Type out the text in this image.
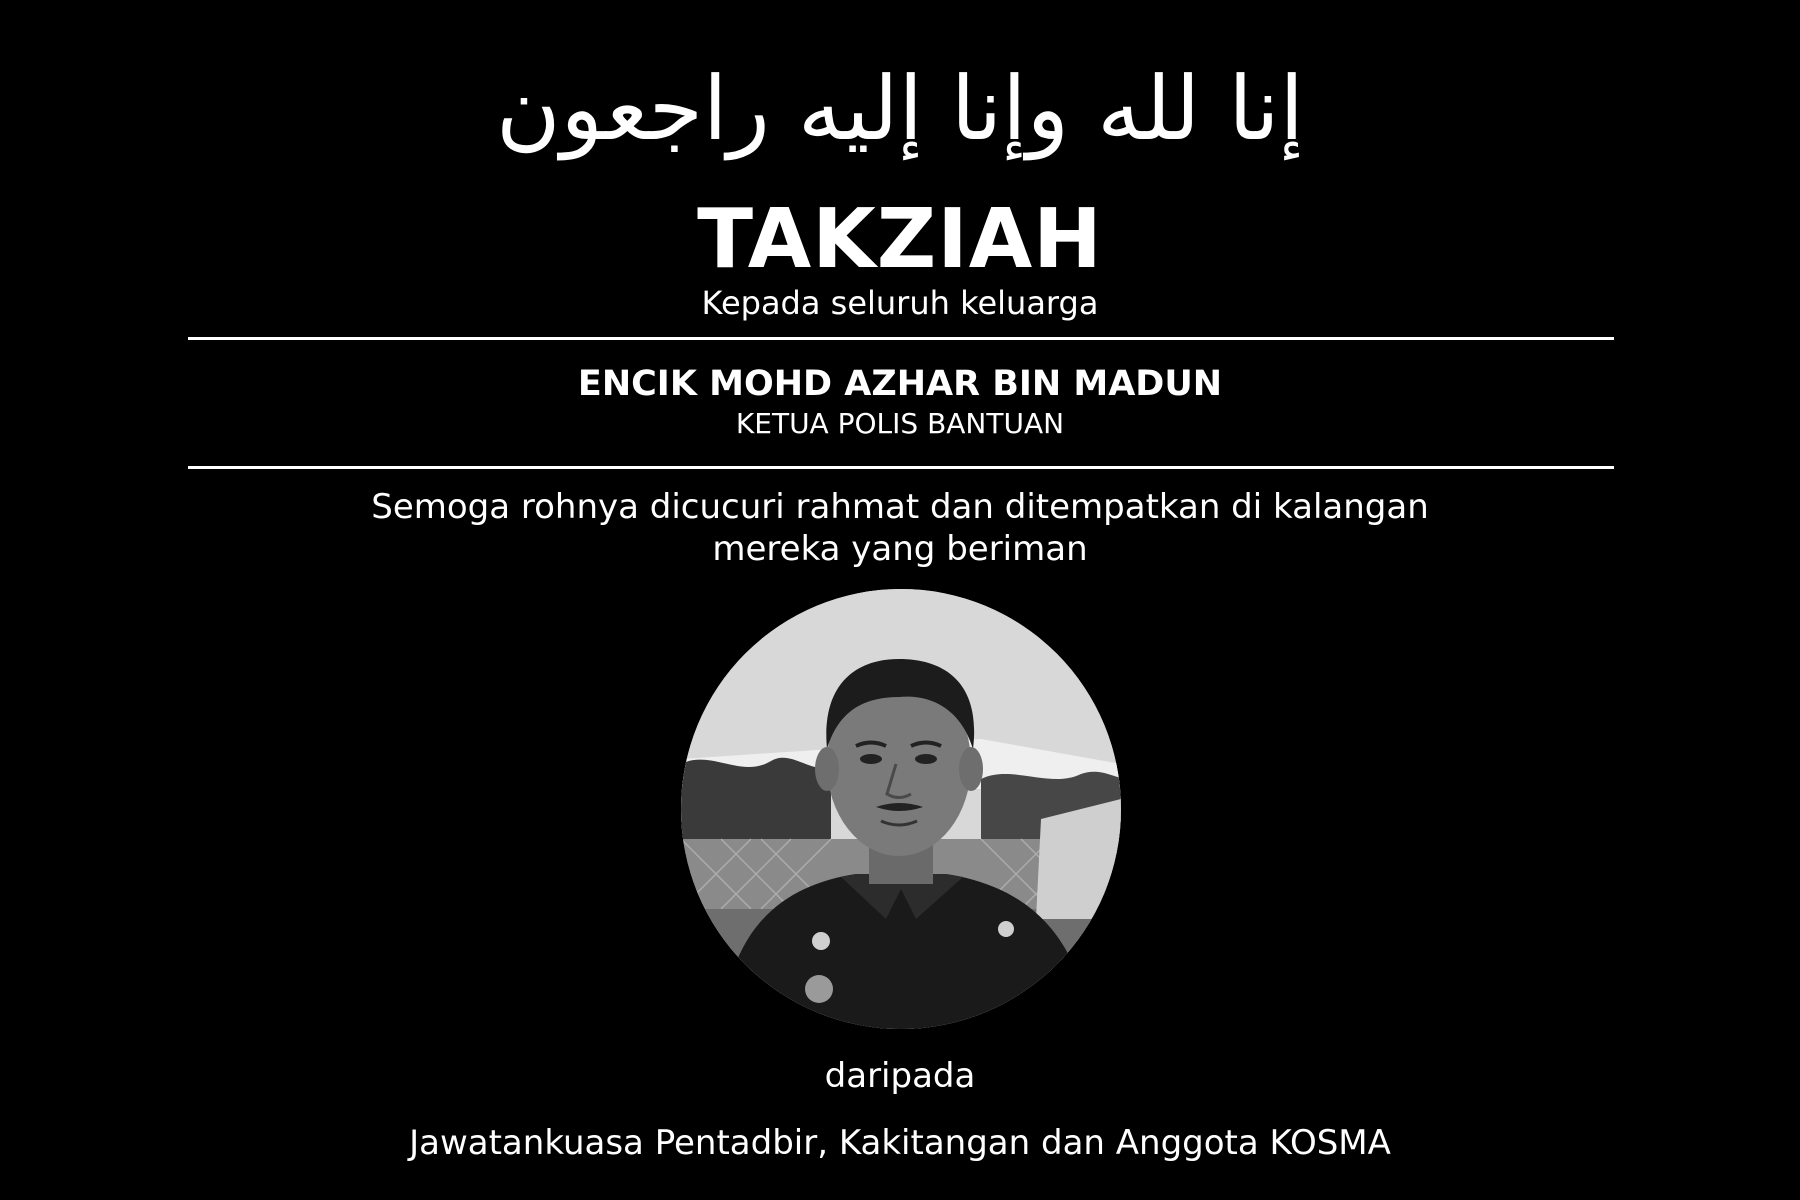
إنا لله وإنا إليه راجعون
TAKZIAH
Kepada seluruh keluarga
ENCIK MOHD AZHAR BIN MADUN
KETUA POLIS BANTUAN
Semoga rohnya dicucuri rahmat dan ditempatkan di kalangan
mereka yang beriman
daripada
Jawatankuasa Pentadbir, Kakitangan dan Anggota KOSMA
